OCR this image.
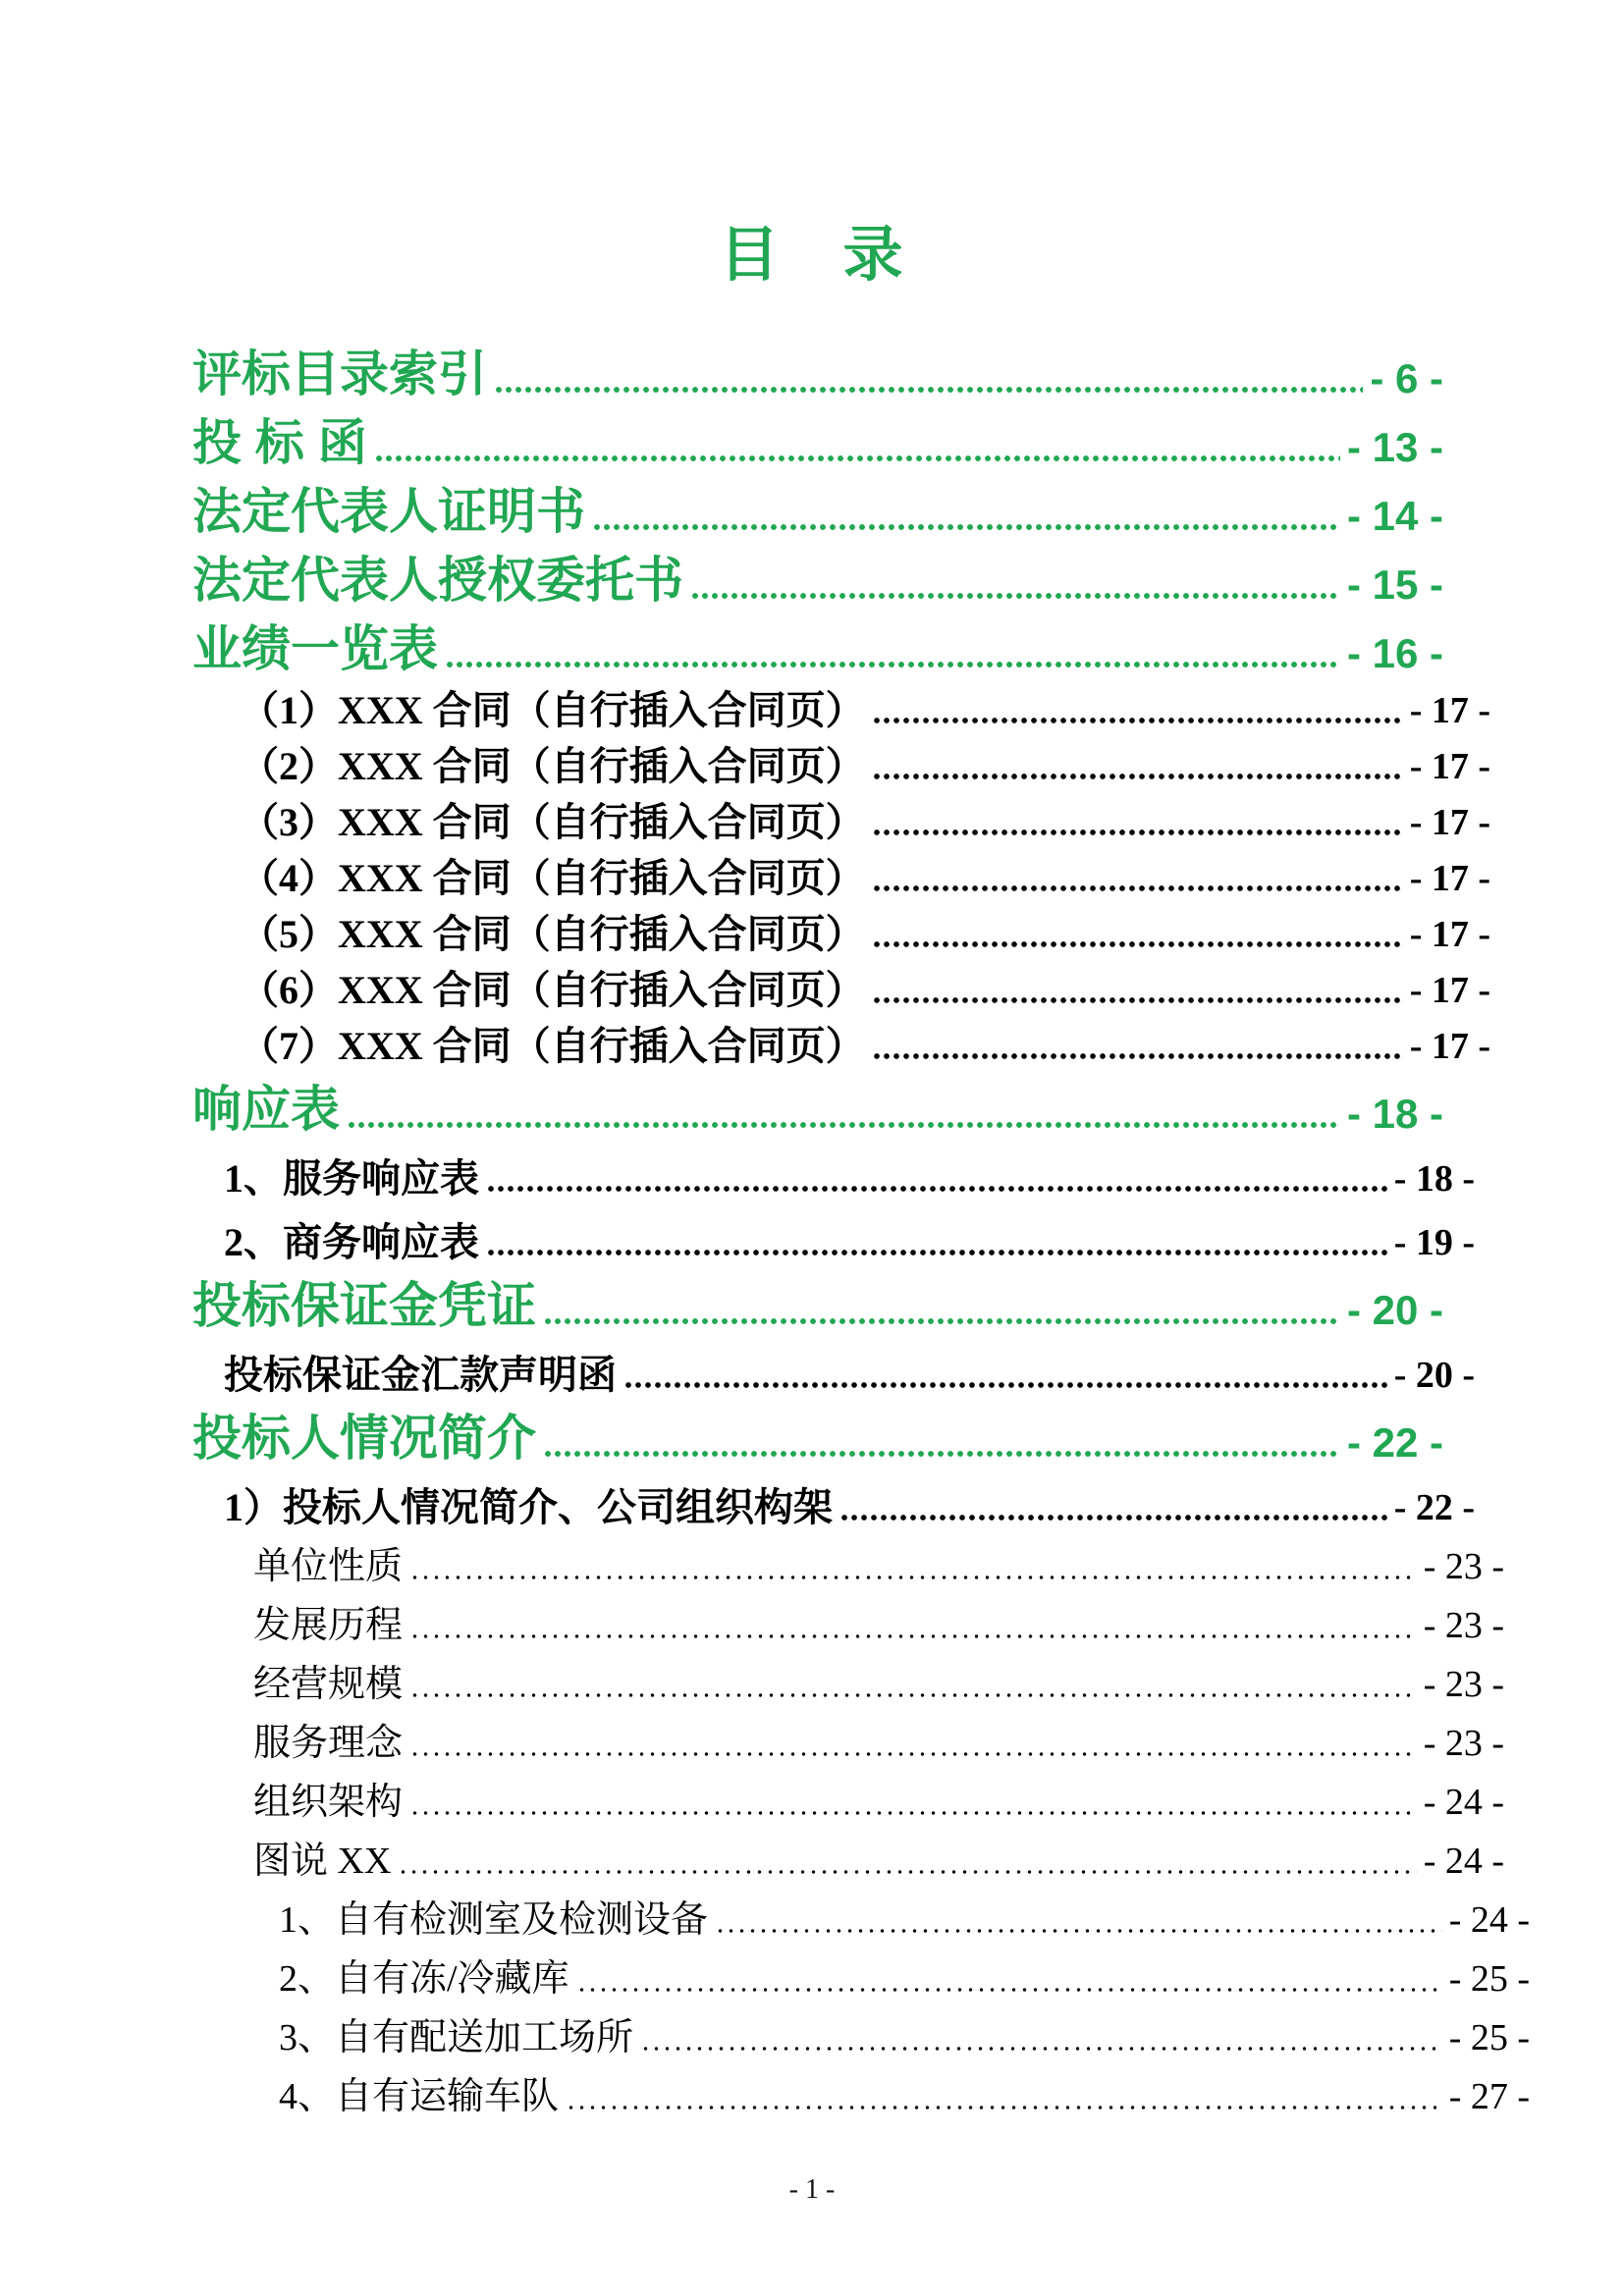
目　录
评标目录索引	- 6 -
投 标 函	- 13 -
法定代表人证明书	- 14 -
法定代表人授权委托书	- 15 -
业绩一览表	- 16 -
（1）XXX 合同（自行插入合同页）	- 17 -
（2）XXX 合同（自行插入合同页）	- 17 -
（3）XXX 合同（自行插入合同页）	- 17 -
（4）XXX 合同（自行插入合同页）	- 17 -
（5）XXX 合同（自行插入合同页）	- 17 -
（6）XXX 合同（自行插入合同页）	- 17 -
（7）XXX 合同（自行插入合同页）	- 17 -
响应表	- 18 -
1、服务响应表	- 18 -
2、商务响应表	- 19 -
投标保证金凭证	- 20 -
投标保证金汇款声明函	- 20 -
投标人情况简介	- 22 -
1）投标人情况简介、公司组织构架	- 22 -
单位性质	- 23 -
发展历程	- 23 -
经营规模	- 23 -
服务理念	- 23 -
组织架构	- 24 -
图说 XX	- 24 -
1、自有检测室及检测设备	- 24 -
2、自有冻/冷藏库	- 25 -
3、自有配送加工场所	- 25 -
4、自有运输车队	- 27 -
- 1 -
